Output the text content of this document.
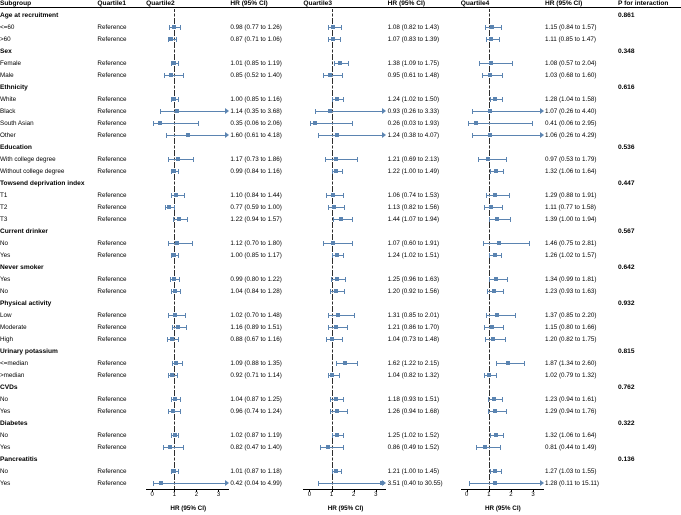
Subgroup	Quartile1	Quartile2	HR (95% CI)	Quartile3	HR (95% CI)	Quartile4	HR (95% CI)	P for interaction

Age at recruitment								0.861
<=60	Reference		0.98 (0.77 to 1.26)		1.08 (0.82 to 1.43)		1.15 (0.84 to 1.57)	
>60	Reference		0.87 (0.71 to 1.06)		1.07 (0.83 to 1.39)		1.11 (0.85 to 1.47)	
Sex								0.348
Female	Reference		1.01 (0.85 to 1.19)		1.38 (1.09 to 1.75)		1.08 (0.57 to 2.04)	
Male	Reference		0.85 (0.52 to 1.40)		0.95 (0.61 to 1.48)		1.03 (0.68 to 1.60)	
Ethnicity								0.616
White	Reference		1.00 (0.85 to 1.16)		1.24 (1.02 to 1.50)		1.28 (1.04 to 1.58)	
Black	Reference		1.14 (0.35 to 3.68)		0.93 (0.26 to 3.33)		1.07 (0.26 to 4.40)	
South Asian	Reference		0.35 (0.06 to 2.06)		0.26 (0.03 to 1.93)		0.41 (0.06 to 2.95)	
Other	Reference		1.60 (0.61 to 4.18)		1.24 (0.38 to 4.07)		1.06 (0.26 to 4.29)	
Education								0.536
With college degree	Reference		1.17 (0.73 to 1.86)		1.21 (0.69 to 2.13)		0.97 (0.53 to 1.79)	
Without college degree	Reference		0.99 (0.84 to 1.16)		1.22 (1.00 to 1.49)		1.32 (1.06 to 1.64)	
Towsend deprivation index								0.447
T1	Reference		1.10 (0.84 to 1.44)		1.06 (0.74 to 1.53)		1.29 (0.88 to 1.91)	
T2	Reference		0.77 (0.59 to 1.00)		1.13 (0.82 to 1.56)		1.11 (0.77 to 1.58)	
T3	Reference		1.22 (0.94 to 1.57)		1.44 (1.07 to 1.94)		1.39 (1.00 to 1.94)	
Current drinker								0.567
No	Reference		1.12 (0.70 to 1.80)		1.07 (0.60 to 1.91)		1.46 (0.75 to 2.81)	
Yes	Reference		1.00 (0.85 to 1.17)		1.24 (1.02 to 1.51)		1.26 (1.02 to 1.57)	
Never smoker								0.642
Yes	Reference		0.99 (0.80 to 1.22)		1.25 (0.96 to 1.63)		1.34 (0.99 to 1.81)	
No	Reference		1.04 (0.84 to 1.28)		1.20 (0.92 to 1.56)		1.23 (0.93 to 1.63)	
Physical activity								0.932
Low	Reference		1.02 (0.70 to 1.48)		1.31 (0.85 to 2.01)		1.37 (0.85 to 2.20)	
Moderate	Reference		1.16 (0.89 to 1.51)		1.21 (0.86 to 1.70)		1.15 (0.80 to 1.66)	
High	Reference		0.88 (0.67 to 1.16)		1.04 (0.73 to 1.48)		1.20 (0.82 to 1.75)	
Urinary potassium								0.815
<=median	Reference		1.09 (0.88 to 1.35)		1.62 (1.22 to 2.15)		1.87 (1.34 to 2.60)	
>median	Reference		0.92 (0.71 to 1.14)		1.04 (0.82 to 1.32)		1.02 (0.79 to 1.32)	
CVDs								0.762
No	Reference		1.04 (0.87 to 1.25)		1.18 (0.93 to 1.51)		1.23 (0.94 to 1.61)	
Yes	Reference		0.96 (0.74 to 1.24)		1.26 (0.94 to 1.68)		1.29 (0.94 to 1.76)	
Diabetes								0.322
No	Reference		1.02 (0.87 to 1.19)		1.25 (1.02 to 1.52)		1.32 (1.06 to 1.64)	
Yes	Reference		0.82 (0.47 to 1.40)		0.86 (0.49 to 1.52)		0.81 (0.44 to 1.49)	
Pancreatitis								0.136
No	Reference		1.01 (0.87 to 1.18)		1.21 (1.00 to 1.45)		1.27 (1.03 to 1.55)	
Yes	Reference		0.42 (0.04 to 4.99)		3.51 (0.40 to 30.55)		1.28 (0.11 to 15.11)	

0	1	2	3		0	1	2	3		0	1	2	3

		HR (95% CI)		HR (95% CI)		HR (95% CI)		
